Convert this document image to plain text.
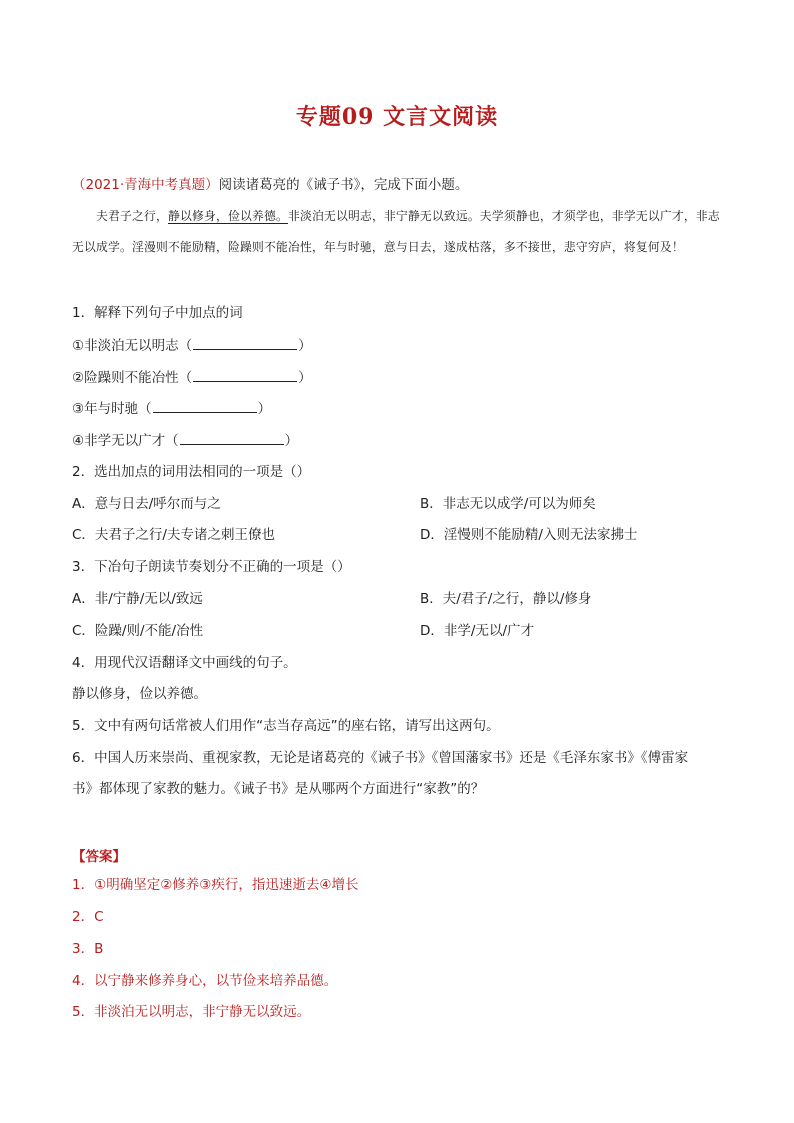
专题09 文言文阅读
（2021·青海中考真题）阅读诸葛亮的《诫子书》，完成下面小题。
夫君子之行，静以修身，俭以养德。非淡泊无以明志，非宁静无以致远。夫学须静也，才须学也，非学无以广才，非志无以成学。淫漫则不能励精，险躁则不能冶性，年与时驰，意与日去，遂成枯落，多不接世，悲守穷庐，将复何及！
1．解释下列句子中加点的词
①非淡泊无以明志（	）
②险躁则不能冶性（	）
③年与时驰（	）
④非学无以广才（	）
2．选出加点的词用法相同的一项是（）
A．意与日去/呼尔而与之	B．非志无以成学/可以为师矣
C．夫君子之行/夫专诸之刺王僚也	D．淫慢则不能励精/入则无法家拂士
3．下冶句子朗读节奏划分不正确的一项是（）
A．非/宁静/无以/致远	B．夫/君子/之行，静以/修身
C．险躁/则/不能/冶性	D．非学/无以/广才
4．用现代汉语翻译文中画线的句子。
静以修身，俭以养德。
5．文中有两句话常被人们用作“志当存高远”的座右铭，请写出这两句。
6．中国人历来崇尚、重视家教，无论是诸葛亮的《诫子书》《曾国藩家书》还是《毛泽东家书》《傅雷家
书》都体现了家教的魅力。《诫子书》是从哪两个方面进行“家教”的？
【答案】
1．①明确坚定②修养③疾行，指迅速逝去④增长
2．C
3．B
4．以宁静来修养身心，以节俭来培养品德。
5．非淡泊无以明志，非宁静无以致远。
